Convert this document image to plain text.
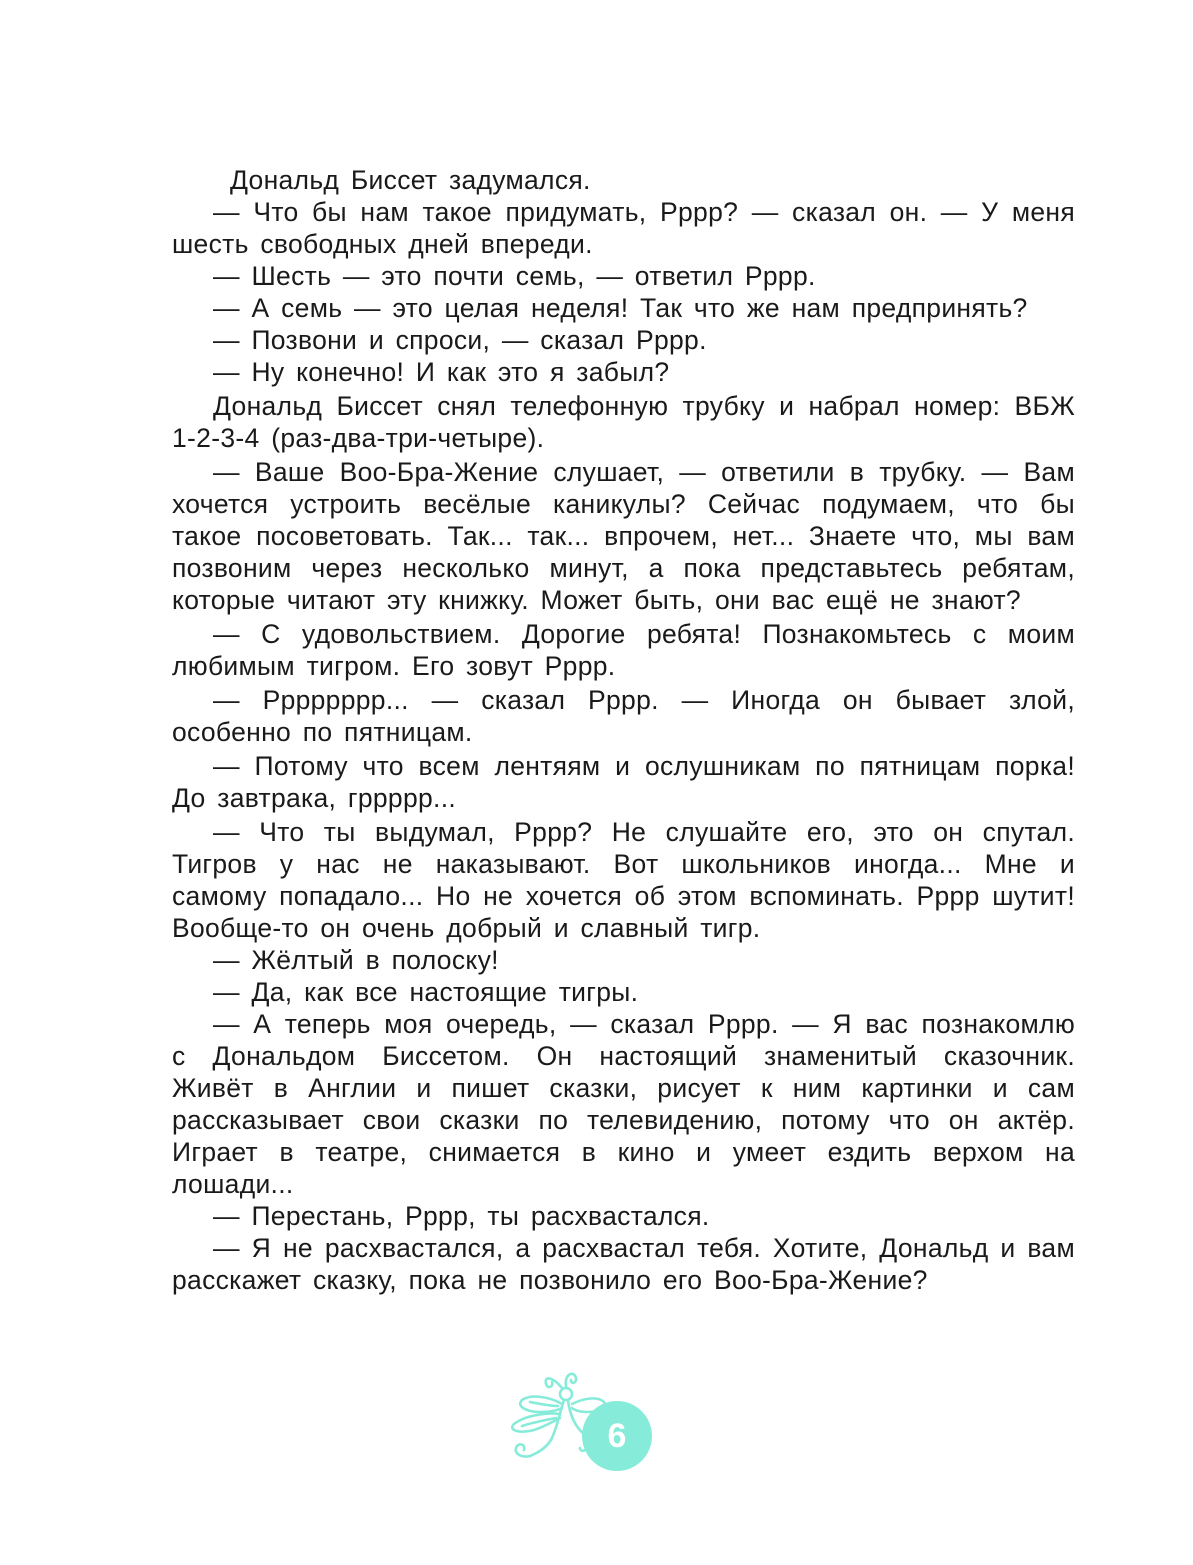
Дональд Биссет задумался.

— Что бы нам такое придумать, Рррр? — сказал он. — У меня шесть свободных дней впереди.

— Шесть — это почти семь, — ответил Рррр.

— А семь — это целая неделя! Так что же нам предпринять?

— Позвони и спроси, — сказал Рррр.

— Ну конечно! И как это я забыл?

Дональд Биссет снял телефонную трубку и набрал номер: ВБЖ 1-2-3-4 (раз-два-три-четыре).

— Ваше Воо-Бра-Жение слушает, — ответили в трубку. — Вам хочется устроить весёлые каникулы? Сейчас подумаем, что бы такое посоветовать. Так... так... впрочем, нет... Знаете что, мы вам позвоним через несколько минут, а пока представьтесь ребятам, которые читают эту книжку. Может быть, они вас ещё не знают?

— С удовольствием. Дорогие ребята! Познакомьтесь с моим любимым тигром. Его зовут Рррр.

— Рррррррр... — сказал Рррр. — Иногда он бывает злой, особенно по пятницам.

— Потому что всем лентяям и ослушникам по пятницам порка! До завтрака, гррррр...

— Что ты выдумал, Рррр? Не слушайте его, это он спутал. Тигров у нас не наказывают. Вот школьников иногда... Мне и самому попадало... Но не хочется об этом вспоминать. Рррр шутит! Вообще-то он очень добрый и славный тигр.

— Жёлтый в полоску!

— Да, как все настоящие тигры.

— А теперь моя очередь, — сказал Рррр. — Я вас познакомлю с Дональдом Биссетом. Он настоящий знаменитый сказочник. Живёт в Англии и пишет сказки, рисует к ним картинки и сам рассказывает свои сказки по телевидению, потому что он актёр. Играет в театре, снимается в кино и умеет ездить верхом на лошади...

— Перестань, Рррр, ты расхвастался.

— Я не расхвастался, а расхвастал тебя. Хотите, Дональд и вам расскажет сказку, пока не позвонило его Воо-Бра-Жение?

6
